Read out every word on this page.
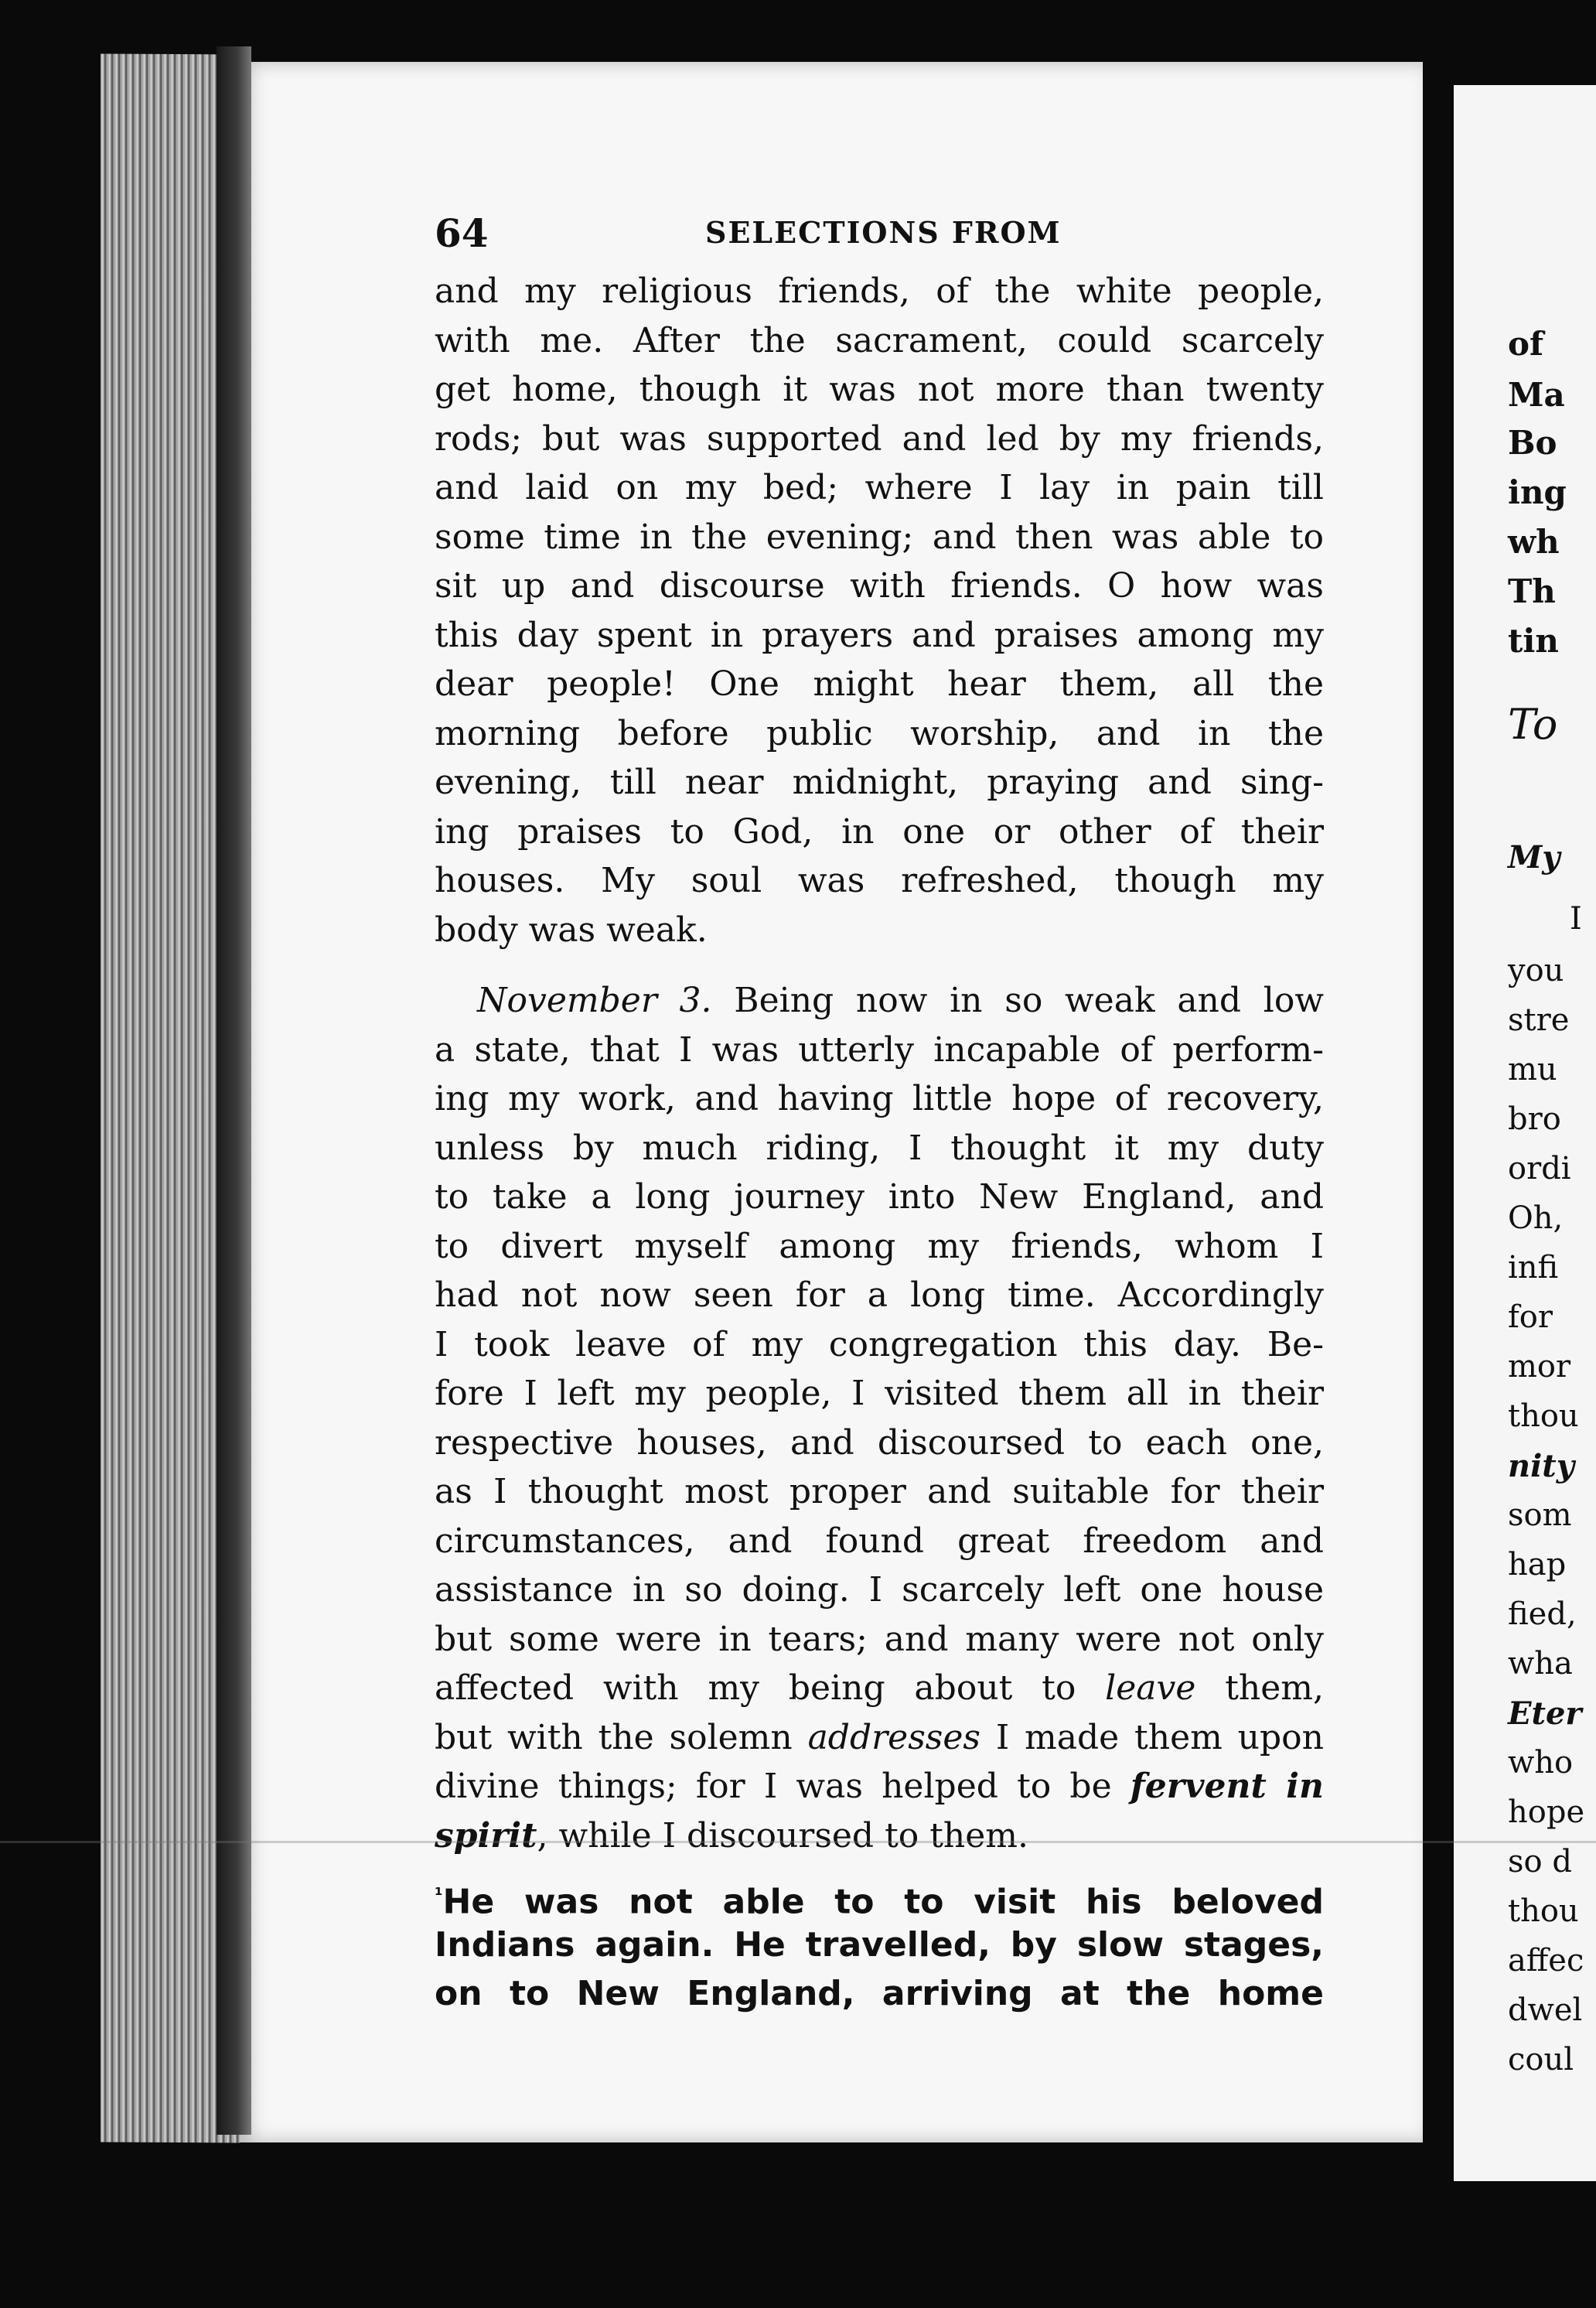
64	SELECTIONS FROM
and my religious friends, of the white people,
with me. After the sacrament, could scarcely
get home, though it was not more than twenty
rods; but was supported and led by my friends,
and laid on my bed; where I lay in pain till
some time in the evening; and then was able to
sit up and discourse with friends. O how was
this day spent in prayers and praises among my
dear people! One might hear them, all the
morning before public worship, and in the
evening, till near midnight, praying and sing-
ing praises to God, in one or other of their
houses. My soul was refreshed, though my
body was weak.
November 3. Being now in so weak and low
a state, that I was utterly incapable of perform-
ing my work, and having little hope of recovery,
unless by much riding, I thought it my duty
to take a long journey into New England, and
to divert myself among my friends, whom I
had not now seen for a long time. Accordingly
I took leave of my congregation this day. Be-
fore I left my people, I visited them all in their
respective houses, and discoursed to each one,
as I thought most proper and suitable for their
circumstances, and found great freedom and
assistance in so doing. I scarcely left one house
but some were in tears; and many were not only
affected with my being about to leave them,
but with the solemn addresses I made them upon
divine things; for I was helped to be fervent in
spirit, while I discoursed to them.
$^{^1}$He was not able to to visit his beloved
Indians again. He travelled, by slow stages,
on to New England, arriving at the home
of
Ma
Bo
ing
wh
Th
tin
To
My
I
you
stre
mu
bro
ordi
Oh,
infi
for
mor
thou
nity
som
hap
fied,
wha
Eter
who
hope
so d
thou
affec
dwel
coul
